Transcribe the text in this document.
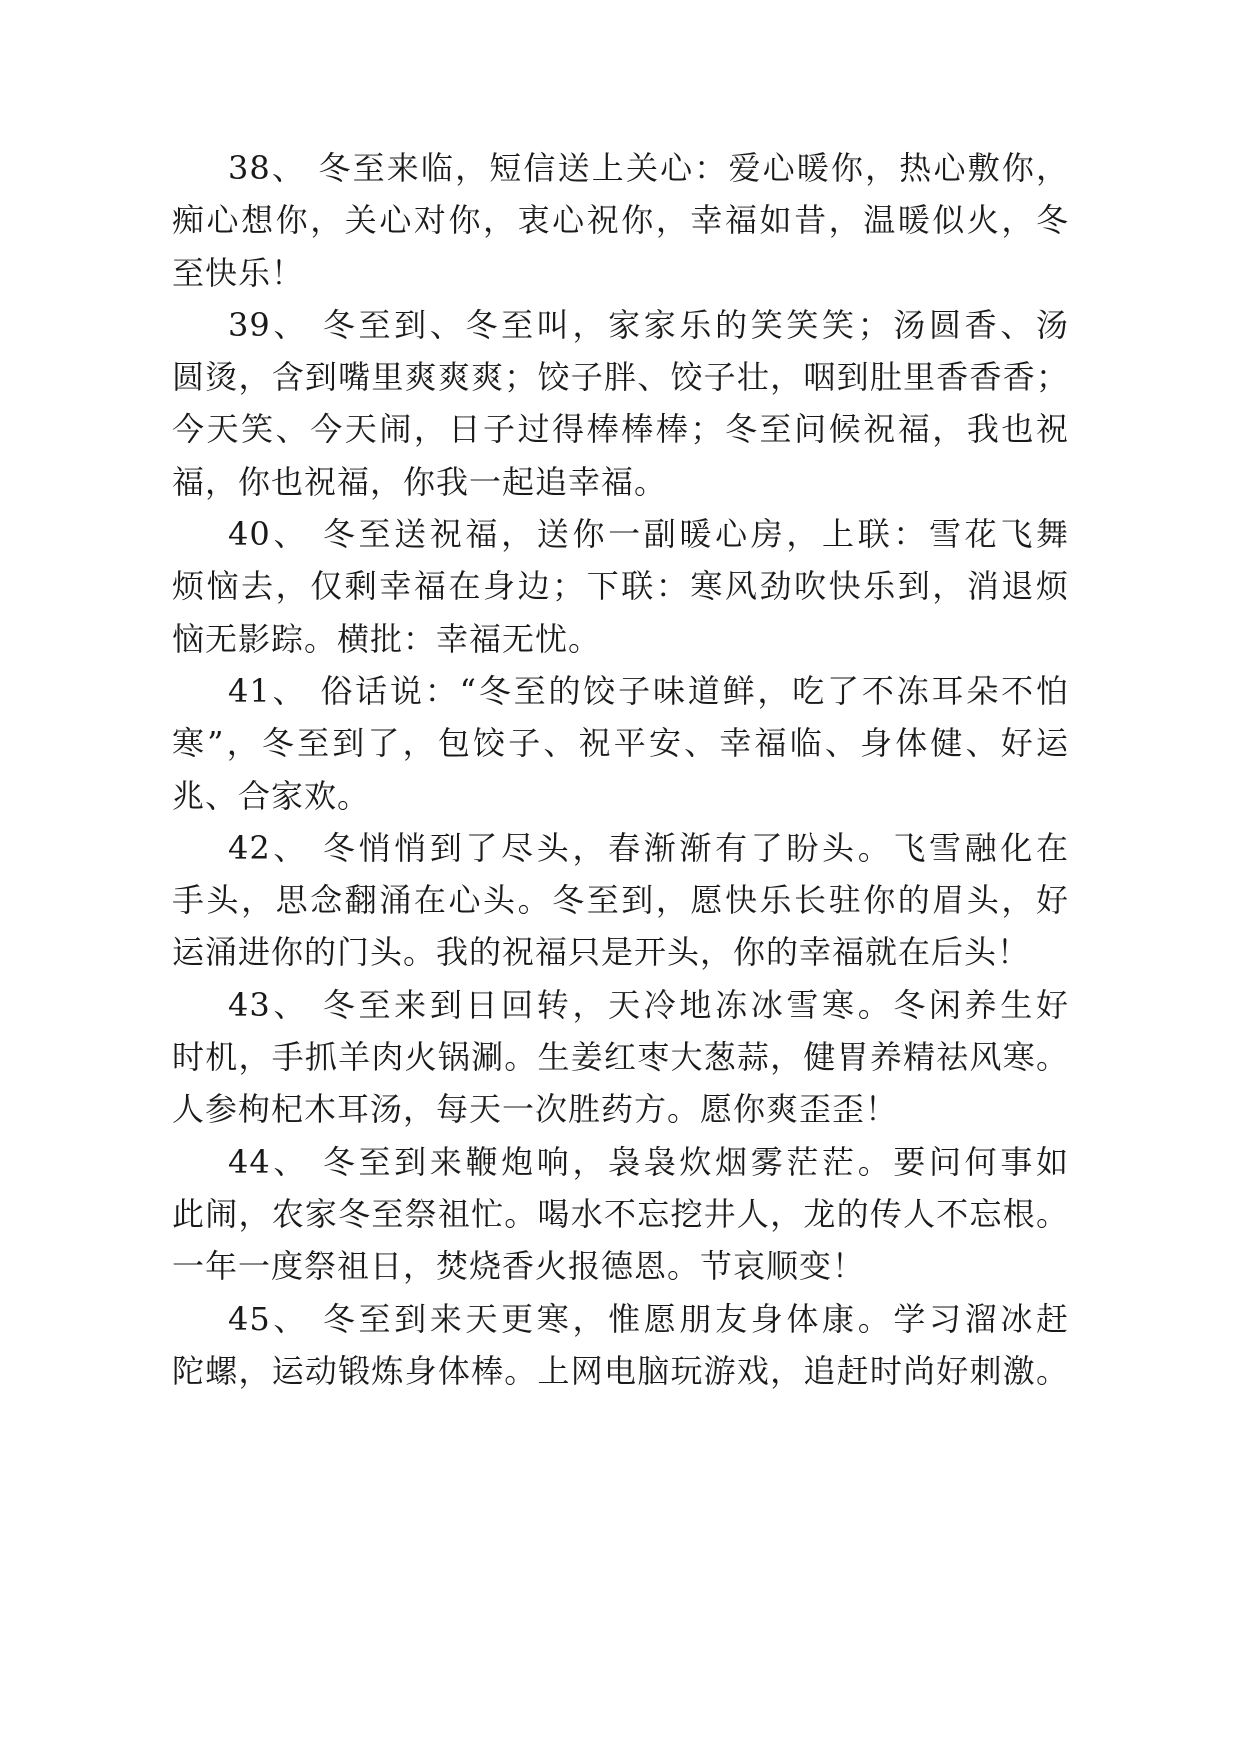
38、 冬至来临，短信送上关心：爱心暖你，热心敷你，
痴心想你，关心对你，衷心祝你，幸福如昔，温暖似火，冬
至快乐！
39、 冬至到、冬至叫，家家乐的笑笑笑；汤圆香、汤
圆烫，含到嘴里爽爽爽；饺子胖、饺子壮，咽到肚里香香香；
今天笑、今天闹，日子过得棒棒棒；冬至问候祝福，我也祝
福，你也祝福，你我一起追幸福。
40、 冬至送祝福，送你一副暖心房，上联：雪花飞舞
烦恼去，仅剩幸福在身边；下联：寒风劲吹快乐到，消退烦
恼无影踪。横批：幸福无忧。
41、 俗话说：“冬至的饺子味道鲜，吃了不冻耳朵不怕
寒”，冬至到了，包饺子、祝平安、幸福临、身体健、好运
兆、合家欢。
42、 冬悄悄到了尽头，春渐渐有了盼头。飞雪融化在
手头，思念翻涌在心头。冬至到，愿快乐长驻你的眉头，好
运涌进你的门头。我的祝福只是开头，你的幸福就在后头！
43、 冬至来到日回转，天冷地冻冰雪寒。冬闲养生好
时机，手抓羊肉火锅涮。生姜红枣大葱蒜，健胃养精祛风寒。
人参枸杞木耳汤，每天一次胜药方。愿你爽歪歪！
44、 冬至到来鞭炮响，袅袅炊烟雾茫茫。要问何事如
此闹，农家冬至祭祖忙。喝水不忘挖井人，龙的传人不忘根。
一年一度祭祖日，焚烧香火报德恩。节哀顺变！
45、 冬至到来天更寒，惟愿朋友身体康。学习溜冰赶
陀螺，运动锻炼身体棒。上网电脑玩游戏，追赶时尚好刺激。
